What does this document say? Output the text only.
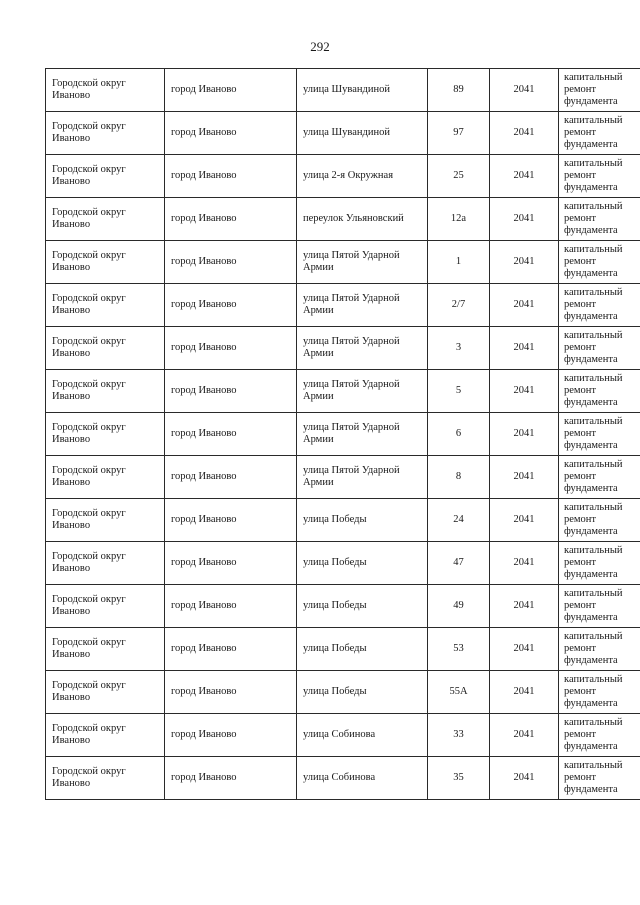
292
Городской округ Иваново	город Иваново	улица Шувандиной	89	2041	капитальный
ремонт
фундамента

Городской округ Иваново	город Иваново	улица Шувандиной	97	2041	капитальный
ремонт
фундамента

Городской округ Иваново	город Иваново	улица 2-я Окружная	25	2041	капитальный
ремонт
фундамента

Городской округ Иваново	город Иваново	переулок Ульяновский	12а	2041	капитальный
ремонт
фундамента

Городской округ Иваново	город Иваново	улица Пятой Ударной Армии	1	2041	капитальный
ремонт
фундамента

Городской округ Иваново	город Иваново	улица Пятой Ударной Армии	2/7	2041	капитальный
ремонт
фундамента

Городской округ Иваново	город Иваново	улица Пятой Ударной Армии	3	2041	капитальный
ремонт
фундамента

Городской округ Иваново	город Иваново	улица Пятой Ударной Армии	5	2041	капитальный
ремонт
фундамента

Городской округ Иваново	город Иваново	улица Пятой Ударной Армии	6	2041	капитальный
ремонт
фундамента

Городской округ Иваново	город Иваново	улица Пятой Ударной Армии	8	2041	капитальный
ремонт
фундамента

Городской округ Иваново	город Иваново	улица Победы	24	2041	капитальный
ремонт
фундамента

Городской округ Иваново	город Иваново	улица Победы	47	2041	капитальный
ремонт
фундамента

Городской округ Иваново	город Иваново	улица Победы	49	2041	капитальный
ремонт
фундамента

Городской округ Иваново	город Иваново	улица Победы	53	2041	капитальный
ремонт
фундамента

Городской округ Иваново	город Иваново	улица Победы	55А	2041	капитальный
ремонт
фундамента

Городской округ Иваново	город Иваново	улица Собинова	33	2041	капитальный
ремонт
фундамента

Городской округ Иваново	город Иваново	улица Собинова	35	2041	капитальный
ремонт
фундамента
